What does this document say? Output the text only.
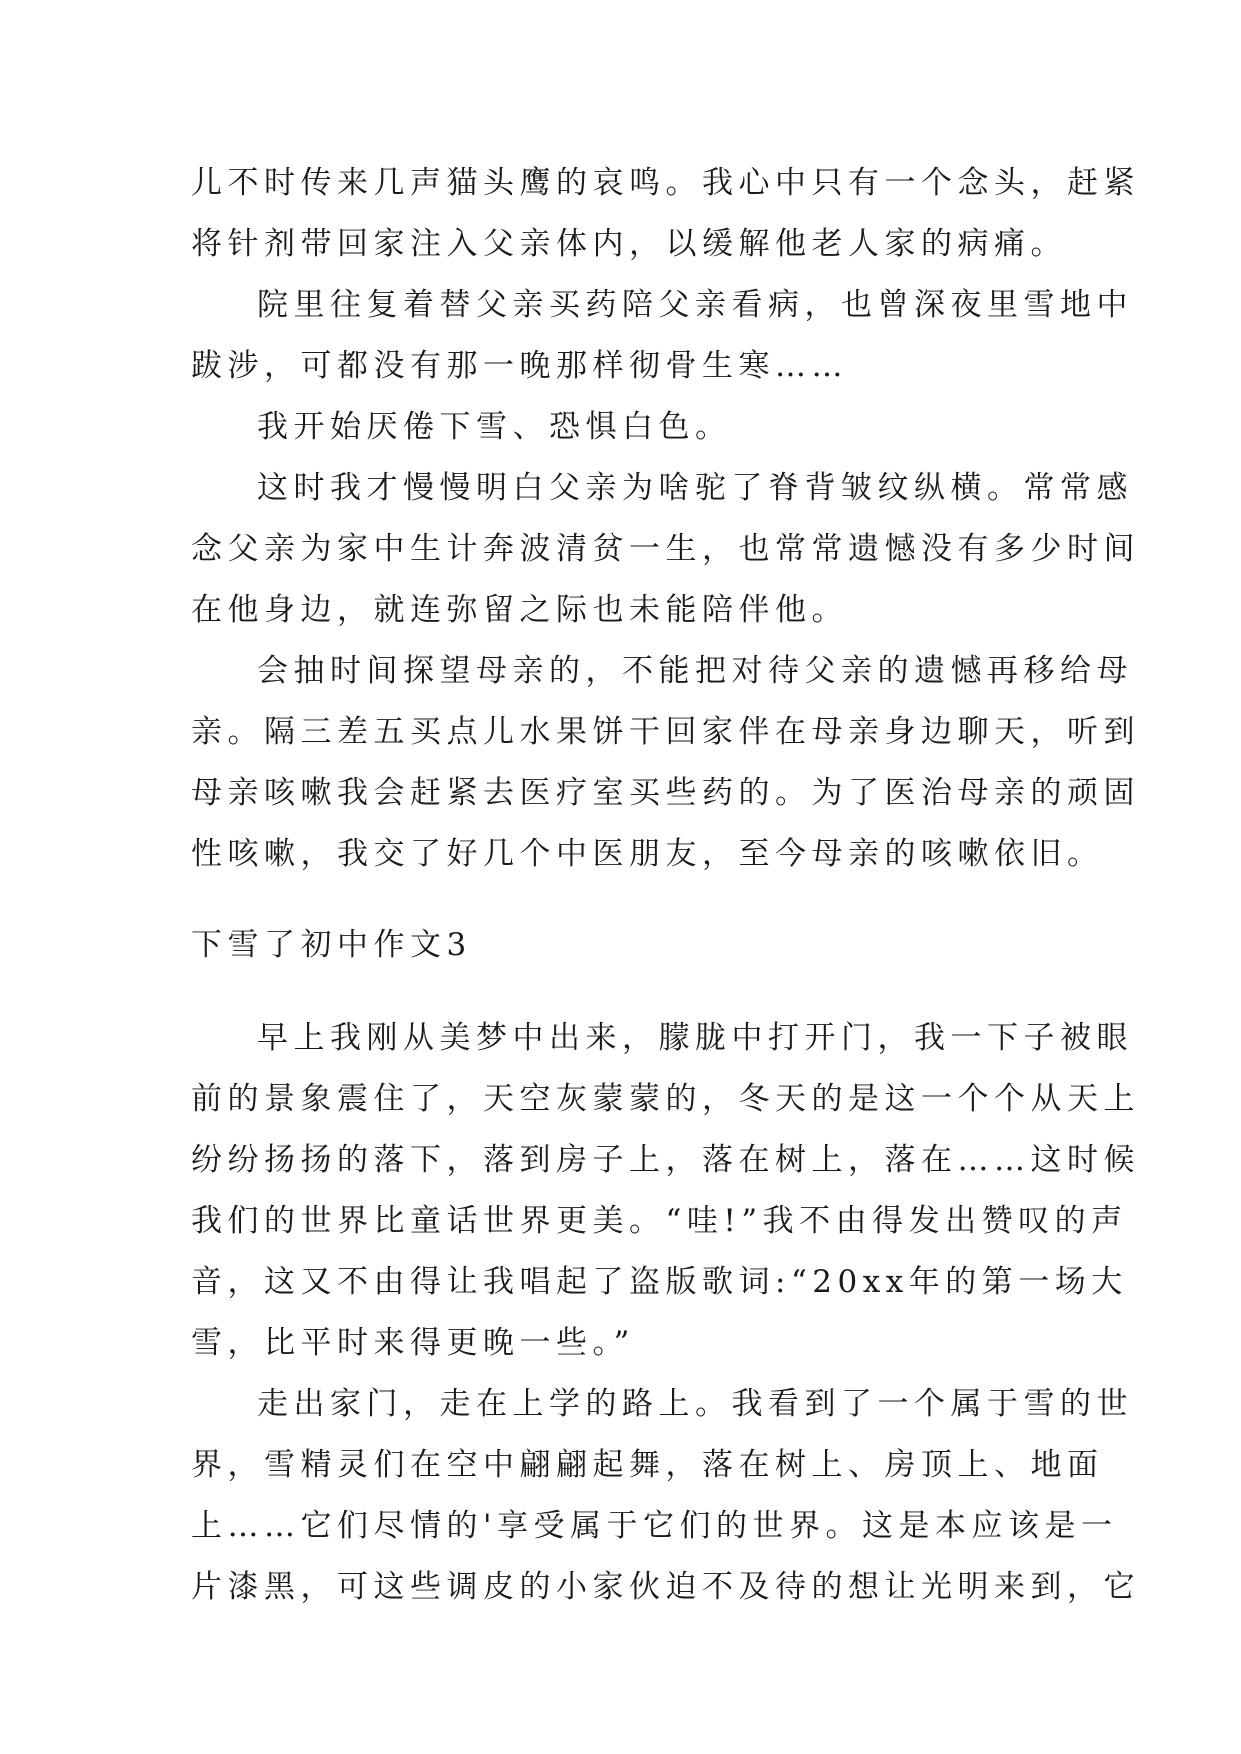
儿不时传来几声猫头鹰的哀鸣。我心中只有一个念头，赶紧
将针剂带回家注入父亲体内，以缓解他老人家的病痛。
院里往复着替父亲买药陪父亲看病，也曾深夜里雪地中
跋涉，可都没有那一晚那样彻骨生寒……
我开始厌倦下雪、恐惧白色。
这时我才慢慢明白父亲为啥驼了脊背皱纹纵横。常常感
念父亲为家中生计奔波清贫一生，也常常遗憾没有多少时间
在他身边，就连弥留之际也未能陪伴他。
会抽时间探望母亲的，不能把对待父亲的遗憾再移给母
亲。隔三差五买点儿水果饼干回家伴在母亲身边聊天，听到
母亲咳嗽我会赶紧去医疗室买些药的。为了医治母亲的顽固
性咳嗽，我交了好几个中医朋友，至今母亲的咳嗽依旧。
下雪了初中作文3
早上我刚从美梦中出来，朦胧中打开门，我一下子被眼
前的景象震住了，天空灰蒙蒙的，冬天的是这一个个从天上
纷纷扬扬的落下，落到房子上，落在树上，落在……这时候
我们的世界比童话世界更美。“哇!”我不由得发出赞叹的声
音，这又不由得让我唱起了盗版歌词:“20xx年的第一场大
雪，比平时来得更晚一些。”
走出家门，走在上学的路上。我看到了一个属于雪的世
界，雪精灵们在空中翩翩起舞，落在树上、房顶上、地面
上……它们尽情的'享受属于它们的世界。这是本应该是一
片漆黑，可这些调皮的小家伙迫不及待的想让光明来到，它
